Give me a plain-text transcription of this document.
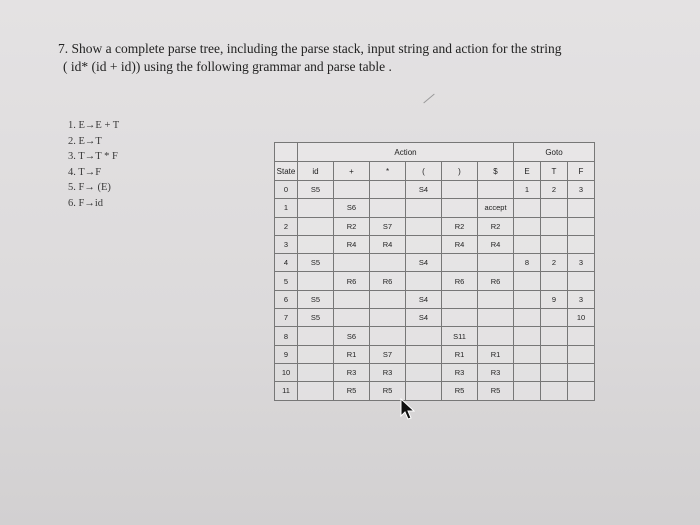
7. Show a complete parse tree, including the parse stack, input string and action for the string
( id* (id + id)) using the following grammar and parse table .
1. E→E + T
2. E→T
3. T→T * F
4. T→F
5. F→ (E)
6. F→id
	Action						Goto		
State	id	+	*	(	)	$	E	T	F
0	S5			S4			1	2	3
1		S6				accept			
2		R2	S7		R2	R2			
3		R4	R4		R4	R4			
4	S5			S4			8	2	3
5		R6	R6		R6	R6			
6	S5			S4				9	3
7	S5			S4					10
8		S6			S11				
9		R1	S7		R1	R1			
10		R3	R3		R3	R3			
11		R5	R5		R5	R5			
